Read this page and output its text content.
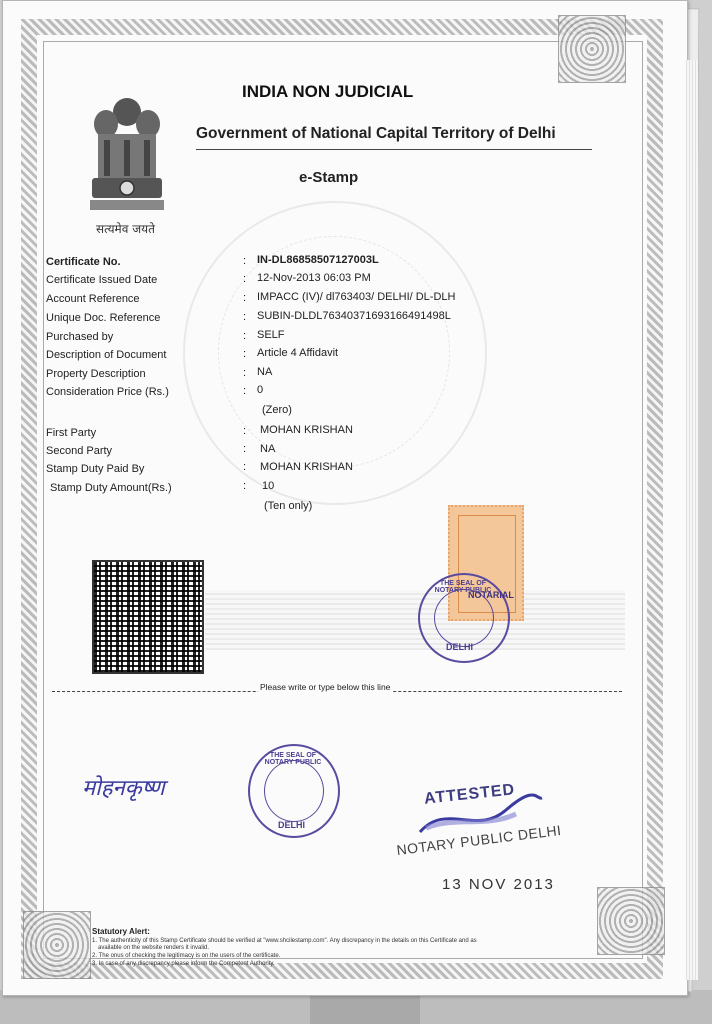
सत्यमेव जयते
INDIA NON JUDICIAL
Government of National Capital Territory of Delhi
e-Stamp
Certificate No.	: IN-DL86858507127003L
Certificate Issued Date	: 12-Nov-2013 06:03 PM
Account Reference	: IMPACC (IV)/ dl763403/ DELHI/ DL-DLH
Unique Doc. Reference	: SUBIN-DLDL76340371693166491498L
Purchased by	: SELF
Description of Document	: Article 4 Affidavit
Property Description	: NA
Consideration Price (Rs.)	: 0
(Zero)
First Party	: MOHAN KRISHAN
Second Party	: NA
Stamp Duty Paid By	: MOHAN KRISHAN
Stamp Duty Amount(Rs.)	: 10
(Ten only)
THE SEAL OF NOTARY PUBLIC
DELHI
NOTARIAL
Please write or type below this line
मोहनकृष्ण
THE SEAL OF NOTARY PUBLIC
DELHI
ATTESTED
NOTARY PUBLIC DELHI
13 NOV 2013
Statutory Alert:
1. The authenticity of this Stamp Certificate should be verified at "www.shcilestamp.com". Any discrepancy in the details on this Certificate and as
available on the website renders it invalid.
2. The onus of checking the legitimacy is on the users of the certificate.
3. In case of any discrepancy please inform the Competent Authority.
